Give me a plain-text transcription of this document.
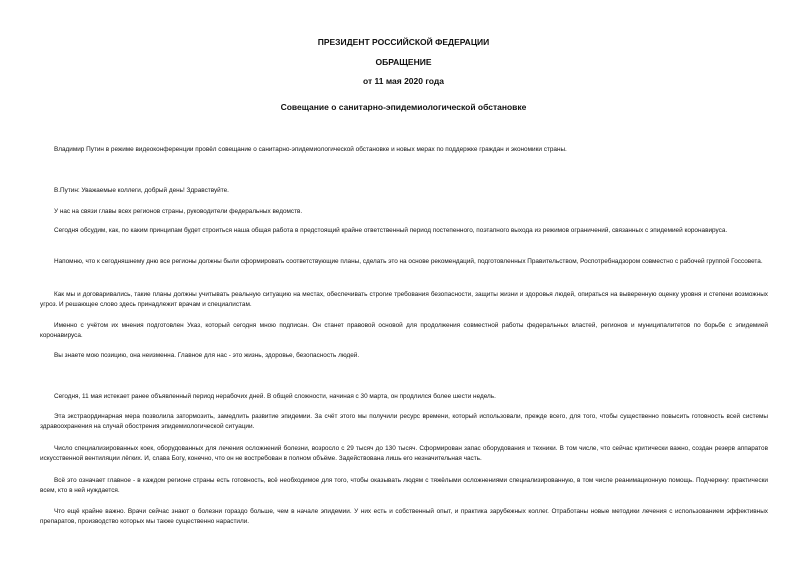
ПРЕЗИДЕНТ РОССИЙСКОЙ ФЕДЕРАЦИИ
ОБРАЩЕНИЕ
от 11 мая 2020 года
Совещание о санитарно-эпидемиологической обстановке

Владимир Путин в режиме видеоконференции провёл совещание о санитарно-эпидемиологической обстановке и новых мерах по поддержке граждан и экономики страны.

В.Путин: Уважаемые коллеги, добрый день! Здравствуйте.

У нас на связи главы всех регионов страны, руководители федеральных ведомств.

Сегодня обсудим, как, по каким принципам будет строиться наша общая работа в предстоящий крайне ответственный период постепенного, поэтапного выхода из режимов ограничений, связанных с эпидемией коронавируса.

Напомню, что к сегодняшнему дню все регионы должны были сформировать соответствующие планы, сделать это на основе рекомендаций, подготовленных Правительством, Роспотребнадзором совместно с рабочей группой Госсовета.

Как мы и договаривались, такие планы должны учитывать реальную ситуацию на местах, обеспечивать строгие требования безопасности, защиты жизни и здоровья людей, опираться на выверенную оценку уровня и степени возможных угроз. И решающее слово здесь принадлежит врачам и специалистам.

Именно с учётом их мнения подготовлен Указ, который сегодня мною подписан. Он станет правовой основой для продолжения совместной работы федеральных властей, регионов и муниципалитетов по борьбе с эпидемией коронавируса.

Вы знаете мою позицию, она неизменна. Главное для нас - это жизнь, здоровье, безопасность людей.

Сегодня, 11 мая истекает ранее объявленный период нерабочих дней. В общей сложности, начиная с 30 марта, он продлился более шести недель.

Эта экстраординарная мера позволила затормозить, замедлить развитие эпидемии. За счёт этого мы получили ресурс времени, который использовали, прежде всего, для того, чтобы существенно повысить готовность всей системы здравоохранения на случай обострения эпидемиологической ситуации.

Число специализированных коек, оборудованных для лечения осложнений болезни, возросло с 29 тысяч до 130 тысяч. Сформирован запас оборудования и техники. В том числе, что сейчас критически важно, создан резерв аппаратов искусственной вентиляции лёгких. И, слава Богу, конечно, что он не востребован в полном объёме. Задействована лишь его незначительная часть.

Всё это означает главное - в каждом регионе страны есть готовность, всё необходимое для того, чтобы оказывать людям с тяжёлыми осложнениями специализированную, в том числе реанимационную помощь. Подчеркну: практически всем, кто в ней нуждается.

Что ещё крайне важно. Врачи сейчас знают о болезни гораздо больше, чем в начале эпидемии. У них есть и собственный опыт, и практика зарубежных коллег. Отработаны новые методики лечения с использованием эффективных препаратов, производство которых мы также существенно нарастили.
